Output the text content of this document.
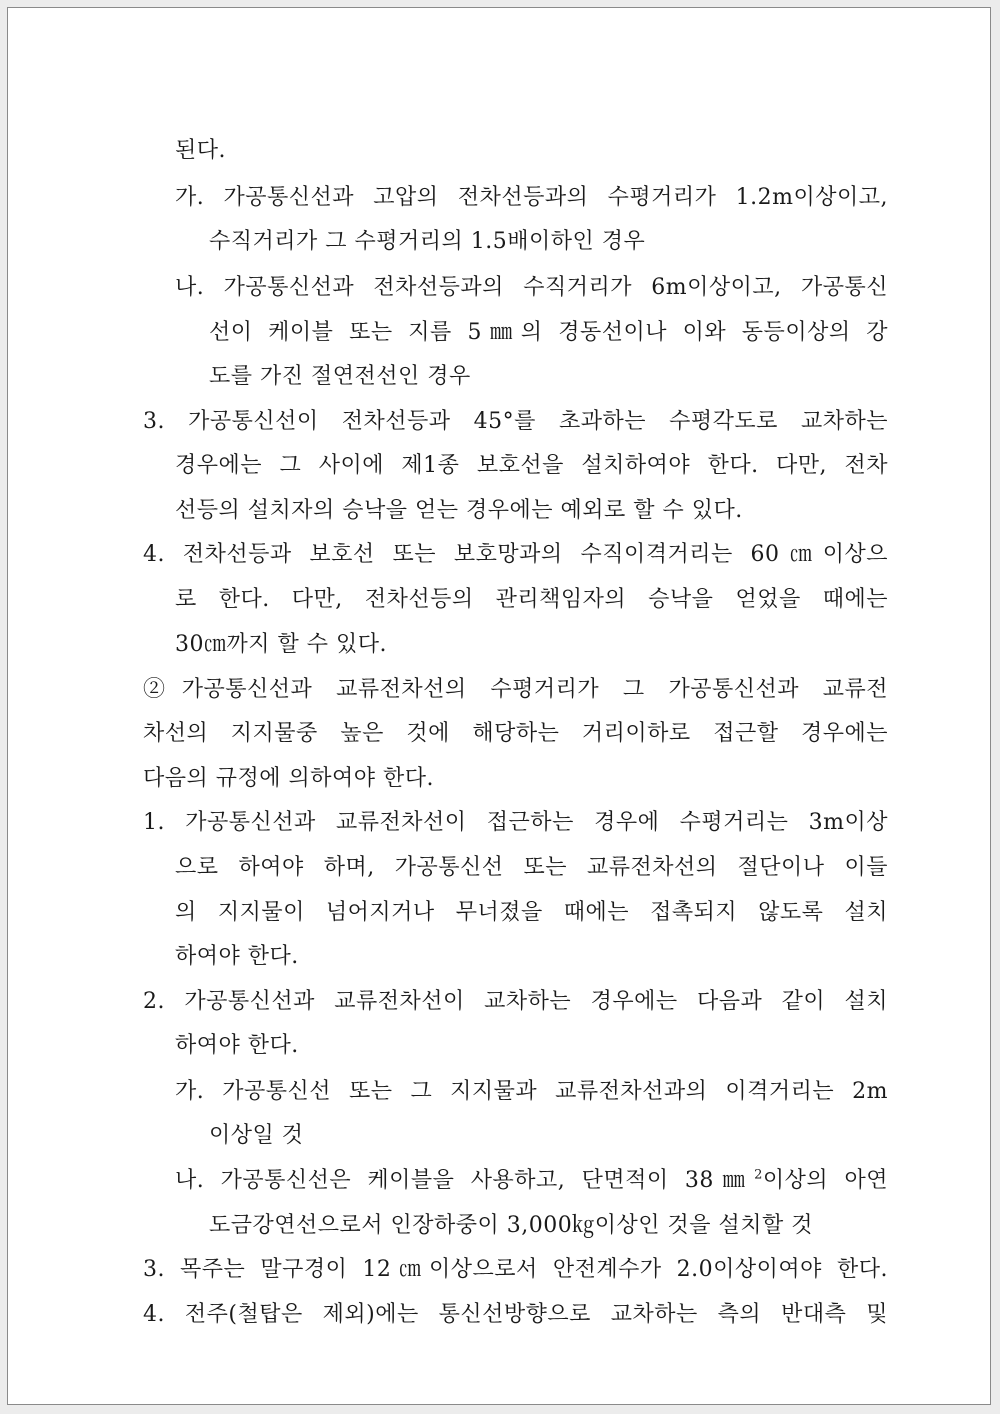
된다.
가. 가공통신선과 고압의 전차선등과의 수평거리가 1.2m이상이고,
수직거리가 그 수평거리의 1.5배이하인 경우
나. 가공통신선과 전차선등과의 수직거리가 6m이상이고, 가공통신
선이 케이블 또는 지름 5㎜의 경동선이나 이와 동등이상의 강
도를 가진 절연전선인 경우
3. 가공통신선이 전차선등과 45°를 초과하는 수평각도로 교차하는
경우에는 그 사이에 제1종 보호선을 설치하여야 한다. 다만, 전차
선등의 설치자의 승낙을 얻는 경우에는 예외로 할 수 있다.
4. 전차선등과 보호선 또는 보호망과의 수직이격거리는 60㎝이상으
로 한다. 다만, 전차선등의 관리책임자의 승낙을 얻었을 때에는
30㎝까지 할 수 있다.
②가공통신선과 교류전차선의 수평거리가 그 가공통신선과 교류전
차선의 지지물중 높은 것에 해당하는 거리이하로 접근할 경우에는
다음의 규정에 의하여야 한다.
1. 가공통신선과 교류전차선이 접근하는 경우에 수평거리는 3m이상
으로 하여야 하며, 가공통신선 또는 교류전차선의 절단이나 이들
의 지지물이 넘어지거나 무너졌을 때에는 접촉되지 않도록 설치
하여야 한다.
2. 가공통신선과 교류전차선이 교차하는 경우에는 다음과 같이 설치
하여야 한다.
가. 가공통신선 또는 그 지지물과 교류전차선과의 이격거리는 2m
이상일 것
나. 가공통신선은 케이블을 사용하고, 단면적이 38㎜$^2$이상의 아연
도금강연선으로서 인장하중이 3,000㎏이상인 것을 설치할 것
3. 목주는 말구경이 12㎝이상으로서 안전계수가 2.0이상이여야 한다.
4. 전주(철탑은 제외)에는 통신선방향으로 교차하는 측의 반대측 및
